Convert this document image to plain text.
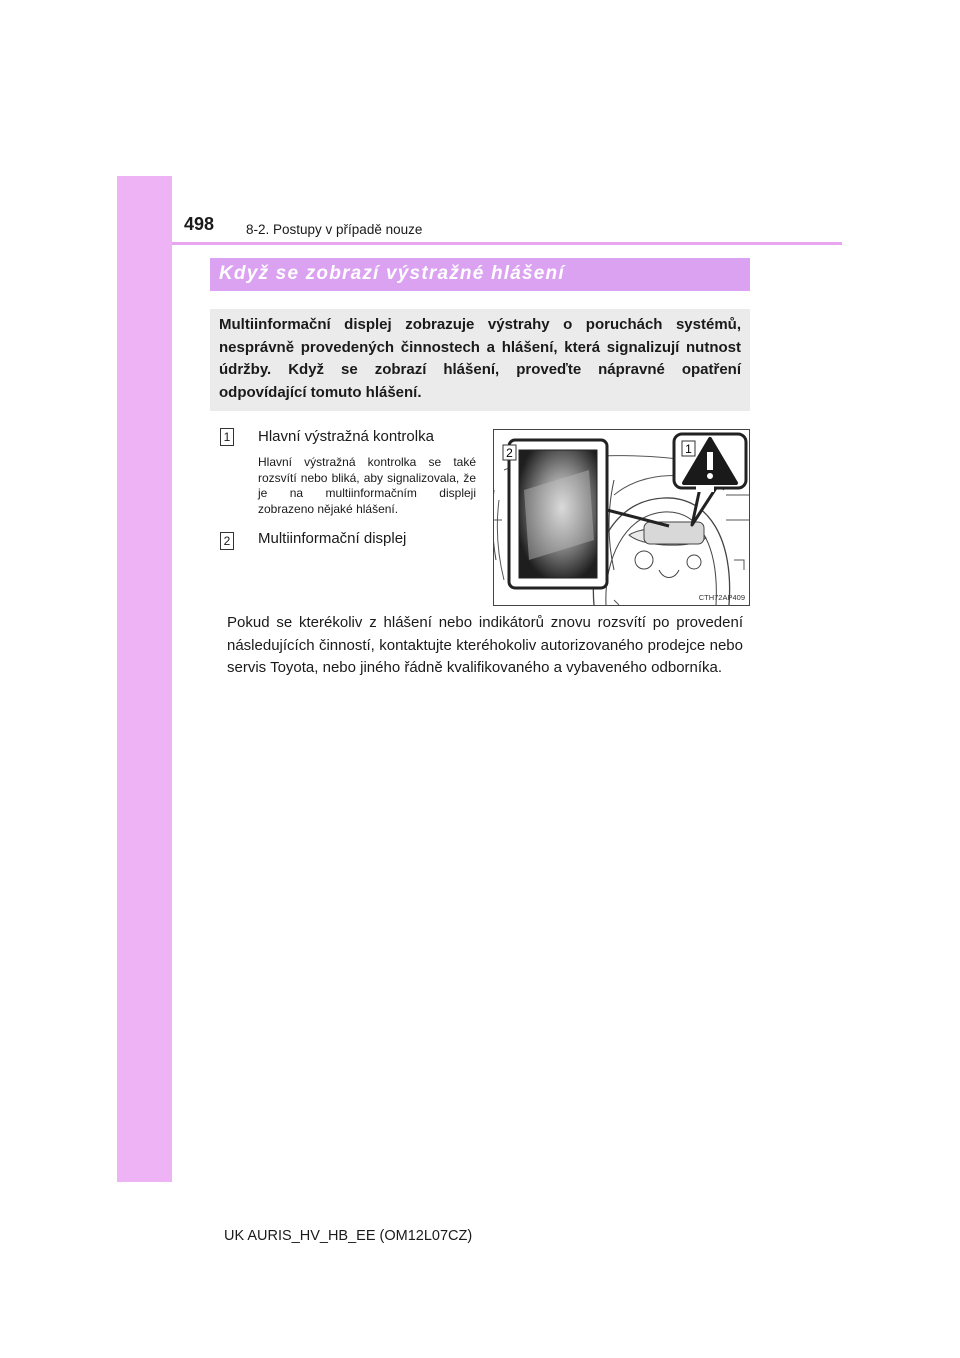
498 8-2. Postupy v případě nouze
Když se zobrazí výstražné hlášení

Multiinformační displej zobrazuje výstrahy o poruchách systémů, nesprávně provedených činnostech a hlášení, která signalizují nutnost údržby. Když se zobrazí hlášení, proveďte nápravné opatření odpovídající tomuto hlášení.

1 Hlavní výstražná kontrolka

Hlavní výstražná kontrolka se také rozsvítí nebo bliká, aby signalizovala, že je na multiinformačním displeji zobrazeno nějaké hlášení.

2 Multiinformační displej
2	1
CTH72AP409

Pokud se kterékoliv z hlášení nebo indikátorů znovu rozsvítí po provedení následujících činností, kontaktujte kteréhokoliv autorizovaného prodejce nebo servis Toyota, nebo jiného řádně kvalifikovaného a vybaveného odborníka.

UK AURIS_HV_HB_EE (OM12L07CZ)
